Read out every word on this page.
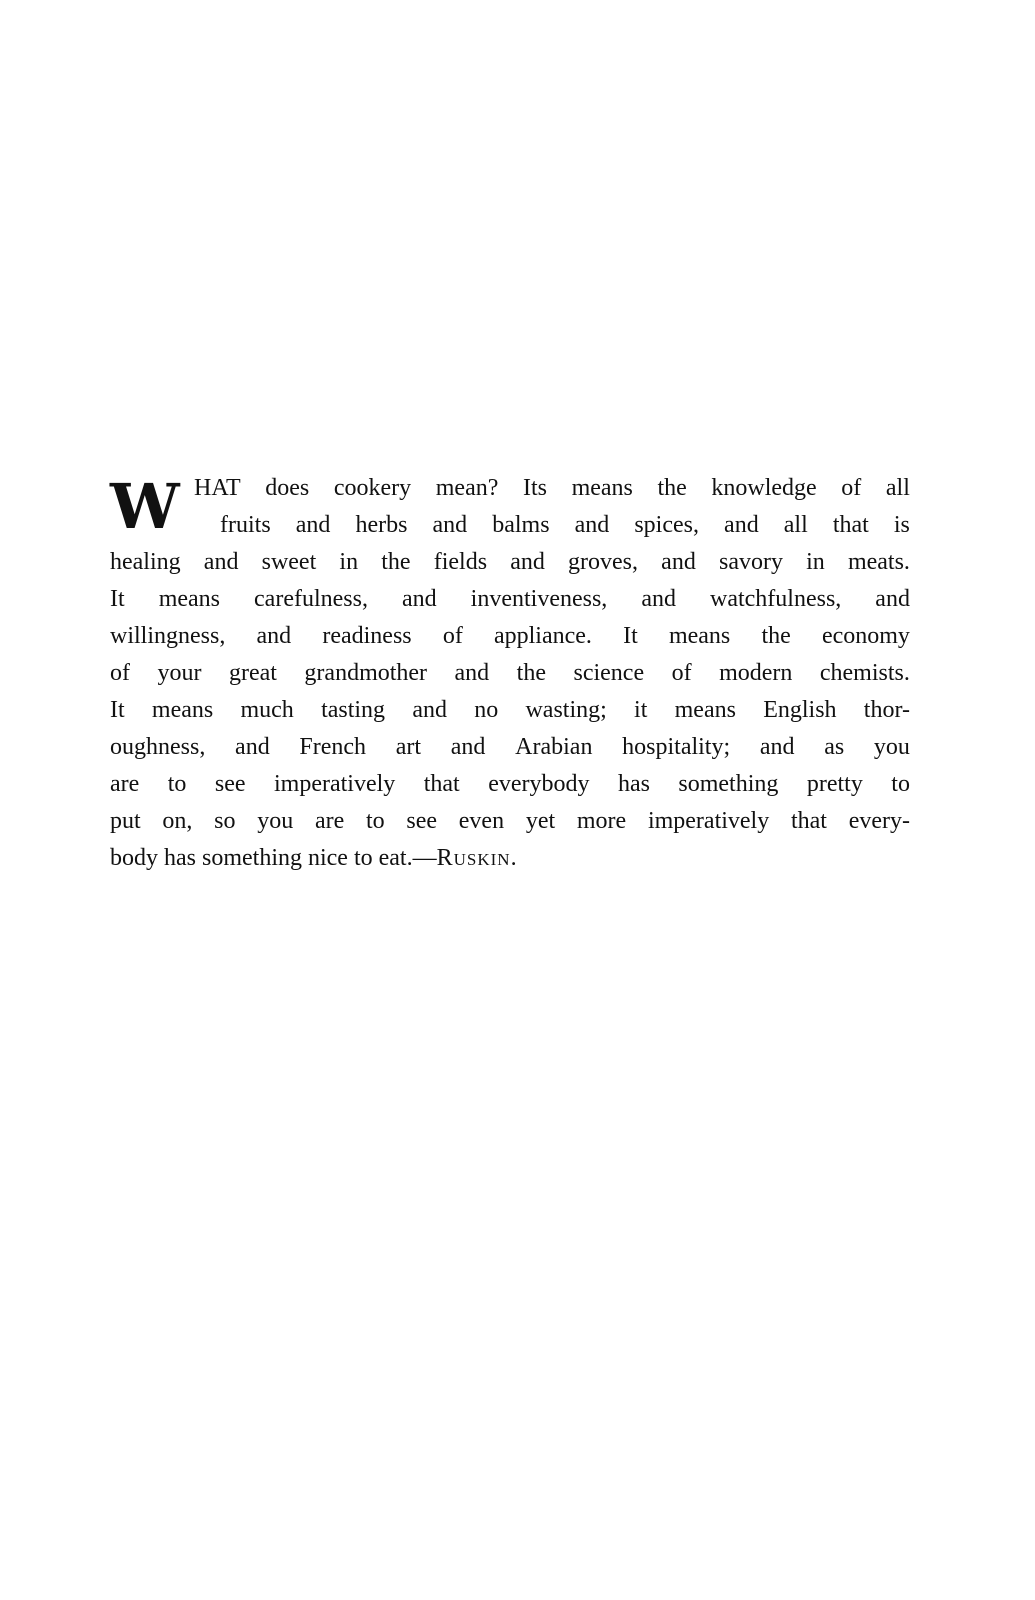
W HAT does cookery mean? Its means the knowledge of all
fruits and herbs and balms and spices, and all that is
healing and sweet in the fields and groves, and savory in meats.
It means carefulness, and inventiveness, and watchfulness, and
willingness, and readiness of appliance. It means the economy
of your great grandmother and the science of modern chemists.
It means much tasting and no wasting; it means English thor-
oughness, and French art and Arabian hospitality; and as you
are to see imperatively that everybody has something pretty to
put on, so you are to see even yet more imperatively that every-
body has something nice to eat.— Ruskin.
